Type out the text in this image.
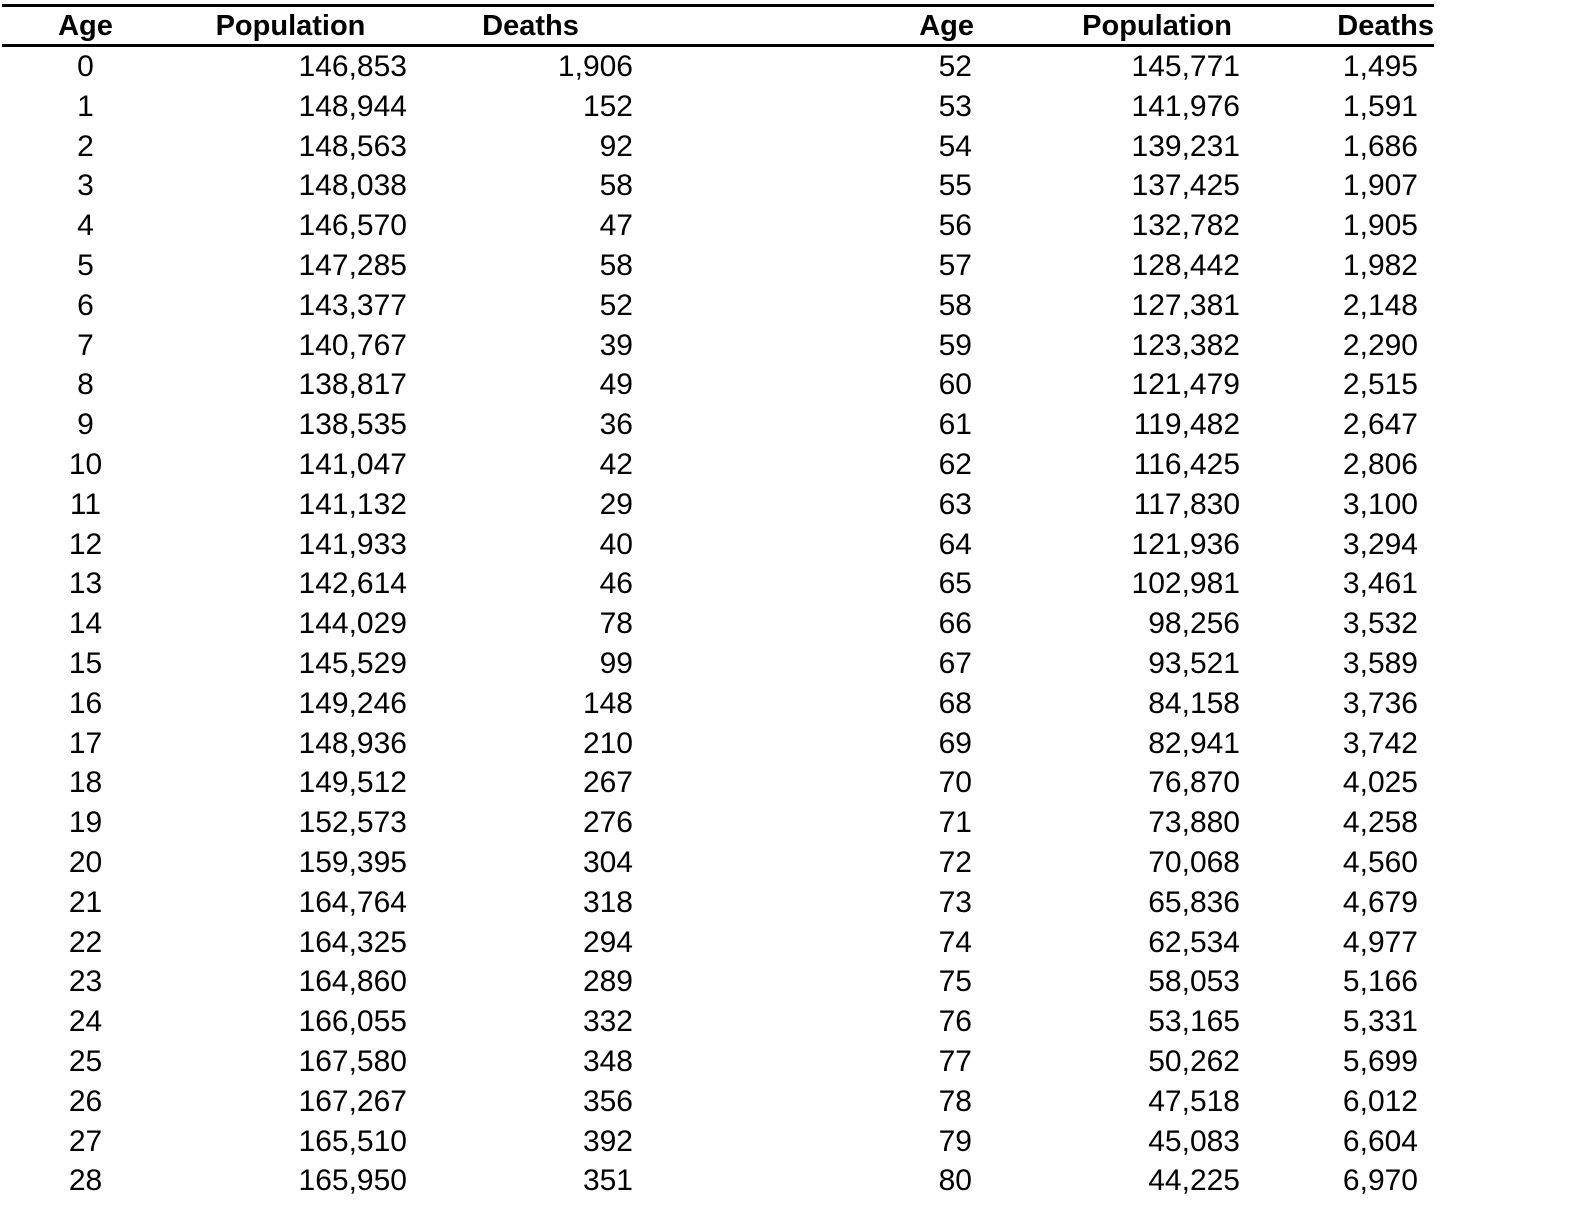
Age	Population	Deaths	Age	Population	Deaths
0	146,853	1,906	52	145,771	1,495
1	148,944	152	53	141,976	1,591
2	148,563	92	54	139,231	1,686
3	148,038	58	55	137,425	1,907
4	146,570	47	56	132,782	1,905
5	147,285	58	57	128,442	1,982
6	143,377	52	58	127,381	2,148
7	140,767	39	59	123,382	2,290
8	138,817	49	60	121,479	2,515
9	138,535	36	61	119,482	2,647
10	141,047	42	62	116,425	2,806
11	141,132	29	63	117,830	3,100
12	141,933	40	64	121,936	3,294
13	142,614	46	65	102,981	3,461
14	144,029	78	66	98,256	3,532
15	145,529	99	67	93,521	3,589
16	149,246	148	68	84,158	3,736
17	148,936	210	69	82,941	3,742
18	149,512	267	70	76,870	4,025
19	152,573	276	71	73,880	4,258
20	159,395	304	72	70,068	4,560
21	164,764	318	73	65,836	4,679
22	164,325	294	74	62,534	4,977
23	164,860	289	75	58,053	5,166
24	166,055	332	76	53,165	5,331
25	167,580	348	77	50,262	5,699
26	167,267	356	78	47,518	6,012
27	165,510	392	79	45,083	6,604
28	165,950	351	80	44,225	6,970
